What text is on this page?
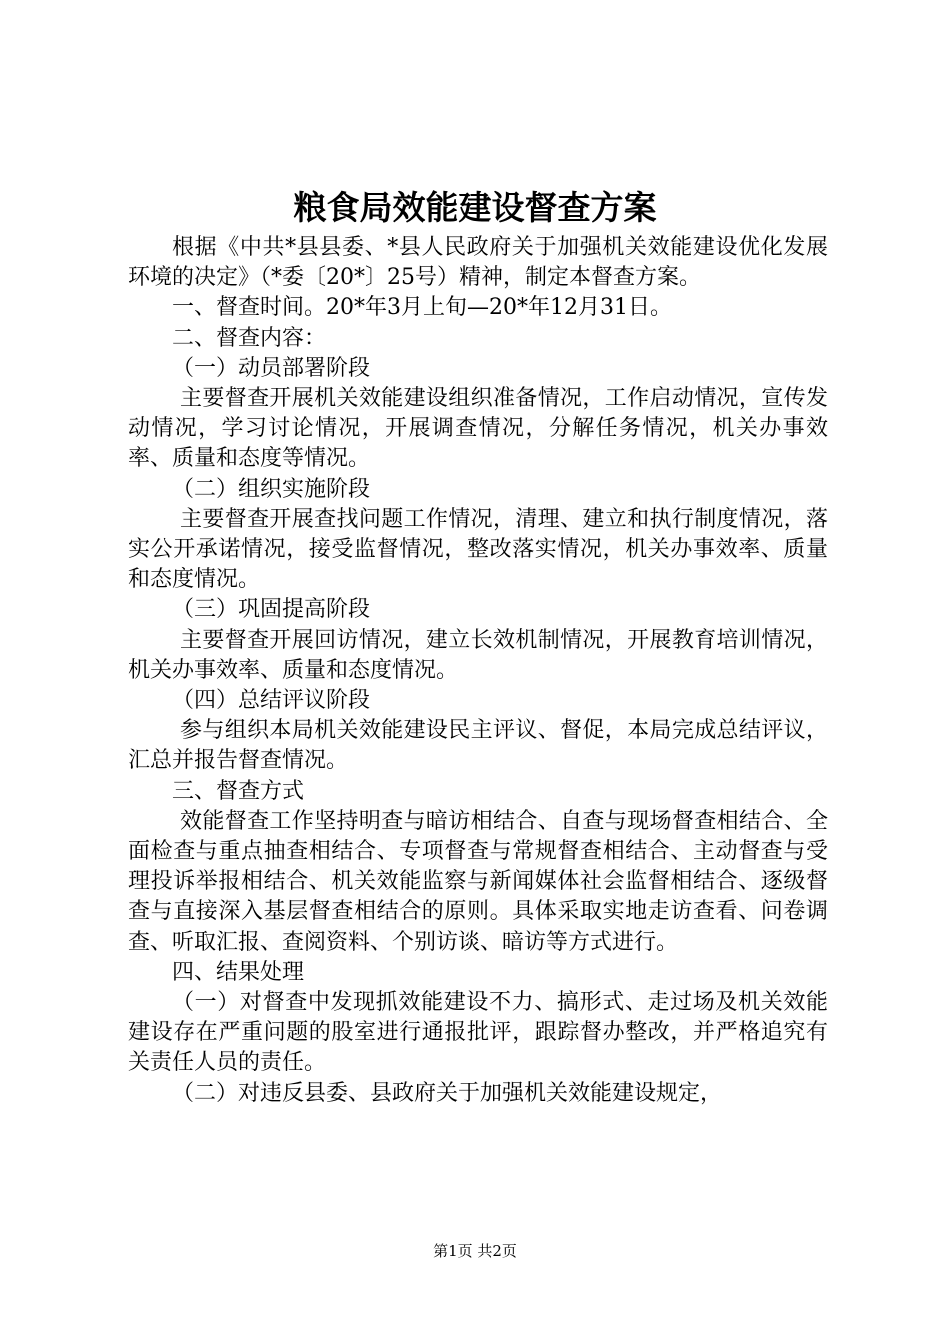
粮食局效能建设督查方案

根据《中共*县县委、*县人民政府关于加强机关效能建设优化发展环境的决定》（*委〔20*〕25号）精神，制定本督查方案。

一、督查时间。20*年3月上旬—20*年12月31日。

二、督查内容：

（一）动员部署阶段

主要督查开展机关效能建设组织准备情况，工作启动情况，宣传发动情况，学习讨论情况，开展调查情况，分解任务情况，机关办事效率、质量和态度等情况。

（二）组织实施阶段

主要督查开展查找问题工作情况，清理、建立和执行制度情况，落实公开承诺情况，接受监督情况，整改落实情况，机关办事效率、质量和态度情况。

（三）巩固提高阶段

主要督查开展回访情况，建立长效机制情况，开展教育培训情况，机关办事效率、质量和态度情况。

（四）总结评议阶段

参与组织本局机关效能建设民主评议、督促，本局完成总结评议，汇总并报告督查情况。

三、督查方式

效能督查工作坚持明查与暗访相结合、自查与现场督查相结合、全面检查与重点抽查相结合、专项督查与常规督查相结合、主动督查与受理投诉举报相结合、机关效能监察与新闻媒体社会监督相结合、逐级督查与直接深入基层督查相结合的原则。具体采取实地走访查看、问卷调查、听取汇报、查阅资料、个别访谈、暗访等方式进行。

四、结果处理

（一）对督查中发现抓效能建设不力、搞形式、走过场及机关效能建设存在严重问题的股室进行通报批评，跟踪督办整改，并严格追究有关责任人员的责任。

（二）对违反县委、县政府关于加强机关效能建设规定，

第1页 共2页
